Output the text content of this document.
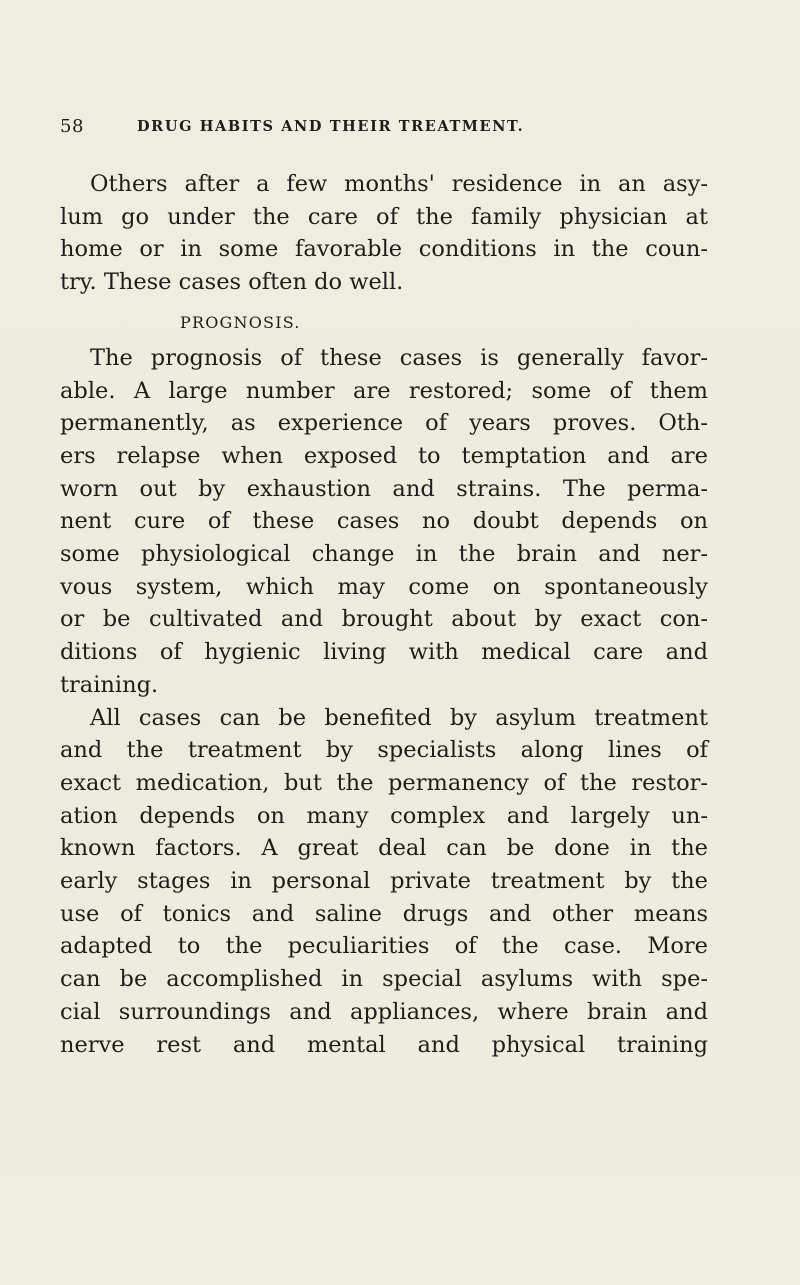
58	DRUG HABITS AND THEIR TREATMENT.

Others after a few months' residence in an asy-
lum go under the care of the family physician at
home or in some favorable conditions in the coun-
try. These cases often do well.

PROGNOSIS.

The prognosis of these cases is generally favor-
able. A large number are restored; some of them
permanently, as experience of years proves. Oth-
ers relapse when exposed to temptation and are
worn out by exhaustion and strains. The perma-
nent cure of these cases no doubt depends on
some physiological change in the brain and ner-
vous system, which may come on spontaneously
or be cultivated and brought about by exact con-
ditions of hygienic living with medical care and
training.

All cases can be benefited by asylum treatment
and the treatment by specialists along lines of
exact medication, but the permanency of the restor-
ation depends on many complex and largely un-
known factors. A great deal can be done in the
early stages in personal private treatment by the
use of tonics and saline drugs and other means
adapted to the peculiarities of the case. More
can be accomplished in special asylums with spe-
cial surroundings and appliances, where brain and
nerve rest and mental and physical training
